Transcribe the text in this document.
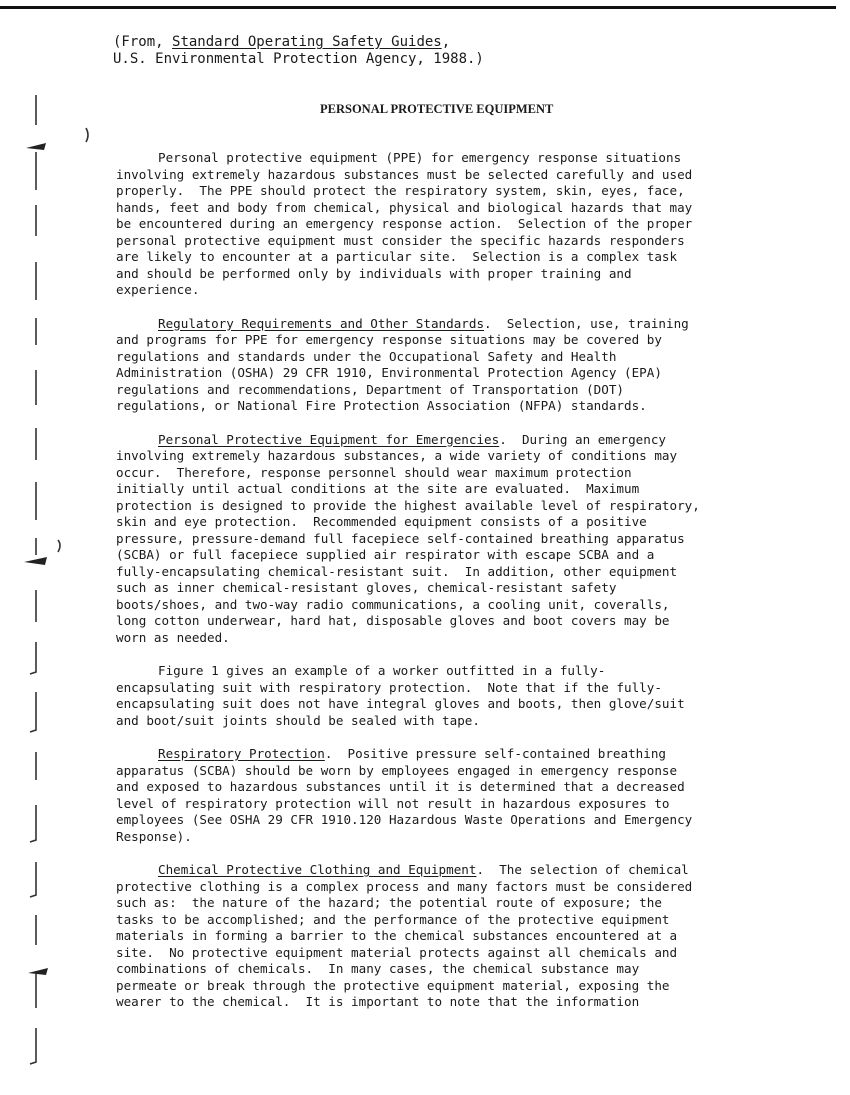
(From, Standard Operating Safety Guides,
U.S. Environmental Protection Agency, 1988.)
PERSONAL PROTECTIVE EQUIPMENT
Personal protective equipment (PPE) for emergency response situations
involving extremely hazardous substances must be selected carefully and used
properly.  The PPE should protect the respiratory system, skin, eyes, face,
hands, feet and body from chemical, physical and biological hazards that may
be encountered during an emergency response action.  Selection of the proper
personal protective equipment must consider the specific hazards responders
are likely to encounter at a particular site.  Selection is a complex task
and should be performed only by individuals with proper training and
experience.
Regulatory Requirements and Other Standards.  Selection, use, training
and programs for PPE for emergency response situations may be covered by
regulations and standards under the Occupational Safety and Health
Administration (OSHA) 29 CFR 1910, Environmental Protection Agency (EPA)
regulations and recommendations, Department of Transportation (DOT)
regulations, or National Fire Protection Association (NFPA) standards.
Personal Protective Equipment for Emergencies.  During an emergency
involving extremely hazardous substances, a wide variety of conditions may
occur.  Therefore, response personnel should wear maximum protection
initially until actual conditions at the site are evaluated.  Maximum
protection is designed to provide the highest available level of respiratory,
skin and eye protection.  Recommended equipment consists of a positive
pressure, pressure-demand full facepiece self-contained breathing apparatus
(SCBA) or full facepiece supplied air respirator with escape SCBA and a
fully-encapsulating chemical-resistant suit.  In addition, other equipment
such as inner chemical-resistant gloves, chemical-resistant safety
boots/shoes, and two-way radio communications, a cooling unit, coveralls,
long cotton underwear, hard hat, disposable gloves and boot covers may be
worn as needed.
Figure 1 gives an example of a worker outfitted in a fully-
encapsulating suit with respiratory protection.  Note that if the fully-
encapsulating suit does not have integral gloves and boots, then glove/suit
and boot/suit joints should be sealed with tape.
Respiratory Protection.  Positive pressure self-contained breathing
apparatus (SCBA) should be worn by employees engaged in emergency response
and exposed to hazardous substances until it is determined that a decreased
level of respiratory protection will not result in hazardous exposures to
employees (See OSHA 29 CFR 1910.120 Hazardous Waste Operations and Emergency
Response).
Chemical Protective Clothing and Equipment.  The selection of chemical
protective clothing is a complex process and many factors must be considered
such as:  the nature of the hazard; the potential route of exposure; the
tasks to be accomplished; and the performance of the protective equipment
materials in forming a barrier to the chemical substances encountered at a
site.  No protective equipment material protects against all chemicals and
combinations of chemicals.  In many cases, the chemical substance may
permeate or break through the protective equipment material, exposing the
wearer to the chemical.  It is important to note that the information
